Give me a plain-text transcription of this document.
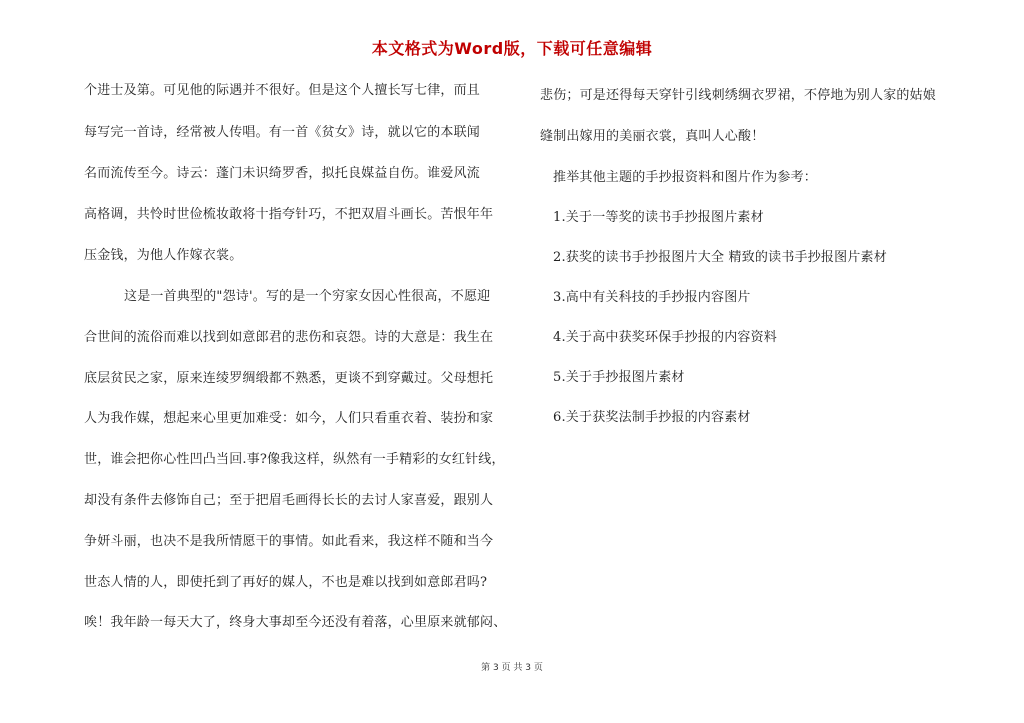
本文格式为Word版，下载可任意编辑
个进士及第。可见他的际遇并不很好。但是这个人擅长写七律，而且
每写完一首诗，经常被人传唱。有一首《贫女》诗，就以它的本联闻
名而流传至今。诗云：蓬门未识绮罗香，拟托良媒益自伤。谁爱风流
高格调，共怜时世俭梳妆敢将十指夸针巧，不把双眉斗画长。苦恨年年
压金钱，为他人作嫁衣裳。
这是一首典型的"怨诗'。写的是一个穷家女因心性很高，不愿迎
合世间的流俗而难以找到如意郎君的悲伤和哀怨。诗的大意是：我生在
底层贫民之家，原来连绫罗绸缎都不熟悉，更谈不到穿戴过。父母想托
人为我作媒，想起来心里更加难受：如今，人们只看重衣着、装扮和家
世，谁会把你心性凹凸当回.事?像我这样，纵然有一手精彩的女红针线，
却没有条件去修饰自己；至于把眉毛画得长长的去讨人家喜爱，跟别人
争妍斗丽，也决不是我所情愿干的事情。如此看来，我这样不随和当今
世态人情的人，即使托到了再好的媒人，不也是难以找到如意郎君吗?
唉！我年龄一每天大了，终身大事却至今还没有着落，心里原来就郁闷、
悲伤；可是还得每天穿针引线刺绣绸衣罗裙，不停地为别人家的姑娘
缝制出嫁用的美丽衣裳，真叫人心酸！
推举其他主题的手抄报资料和图片作为参考：
1.关于一等奖的读书手抄报图片素材
2.获奖的读书手抄报图片大全 精致的读书手抄报图片素材
3.高中有关科技的手抄报内容图片
4.关于高中获奖环保手抄报的内容资料
5.关于手抄报图片素材
6.关于获奖法制手抄报的内容素材
第 3 页 共 3 页
